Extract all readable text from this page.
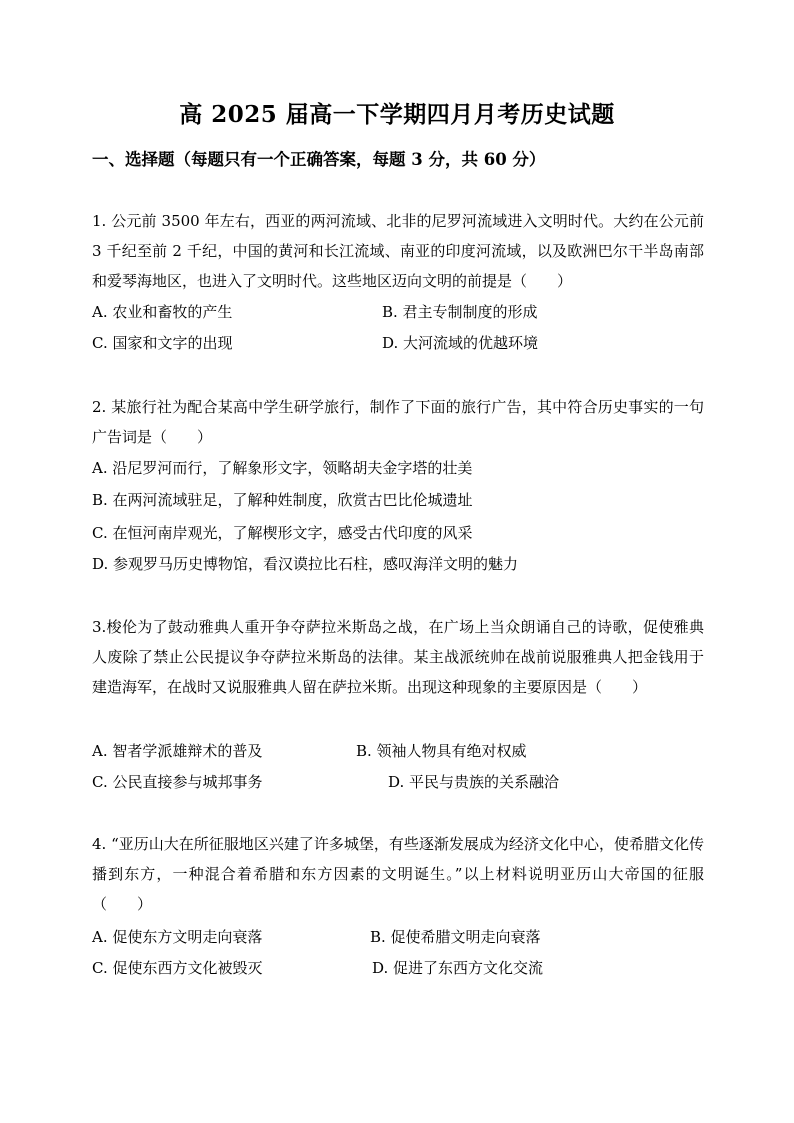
高 2025 届高一下学期四月月考历史试题
一、选择题（每题只有一个正确答案，每题 3 分，共 60 分）
1. 公元前 3500 年左右，西亚的两河流域、北非的尼罗河流域进入文明时代。大约在公元前 3 千纪至前 2 千纪，中国的黄河和长江流域、南亚的印度河流域，以及欧洲巴尔干半岛南部和爱琴海地区，也进入了文明时代。这些地区迈向文明的前提是（　　）
A. 农业和畜牧的产生	B. 君主专制制度的形成
C. 国家和文字的出现	D. 大河流域的优越环境
2. 某旅行社为配合某高中学生研学旅行，制作了下面的旅行广告，其中符合历史事实的一句广告词是（　　）
A. 沿尼罗河而行，了解象形文字，领略胡夫金字塔的壮美
B. 在两河流域驻足，了解种姓制度，欣赏古巴比伦城遗址
C. 在恒河南岸观光，了解楔形文字，感受古代印度的风采
D. 参观罗马历史博物馆，看汉谟拉比石柱，感叹海洋文明的魅力
3.梭伦为了鼓动雅典人重开争夺萨拉米斯岛之战，在广场上当众朗诵自己的诗歌，促使雅典人废除了禁止公民提议争夺萨拉米斯岛的法律。某主战派统帅在战前说服雅典人把金钱用于建造海军，在战时又说服雅典人留在萨拉米斯。出现这种现象的主要原因是（　　）
A. 智者学派雄辩术的普及	B. 领袖人物具有绝对权威
C. 公民直接参与城邦事务	D. 平民与贵族的关系融洽
4. “亚历山大在所征服地区兴建了许多城堡，有些逐渐发展成为经济文化中心，使希腊文化传播到东方，一种混合着希腊和东方因素的文明诞生。”以上材料说明亚历山大帝国的征服　（　　）
A. 促使东方文明走向衰落	B. 促使希腊文明走向衰落
C. 促使东西方文化被毁灭	D. 促进了东西方文化交流
